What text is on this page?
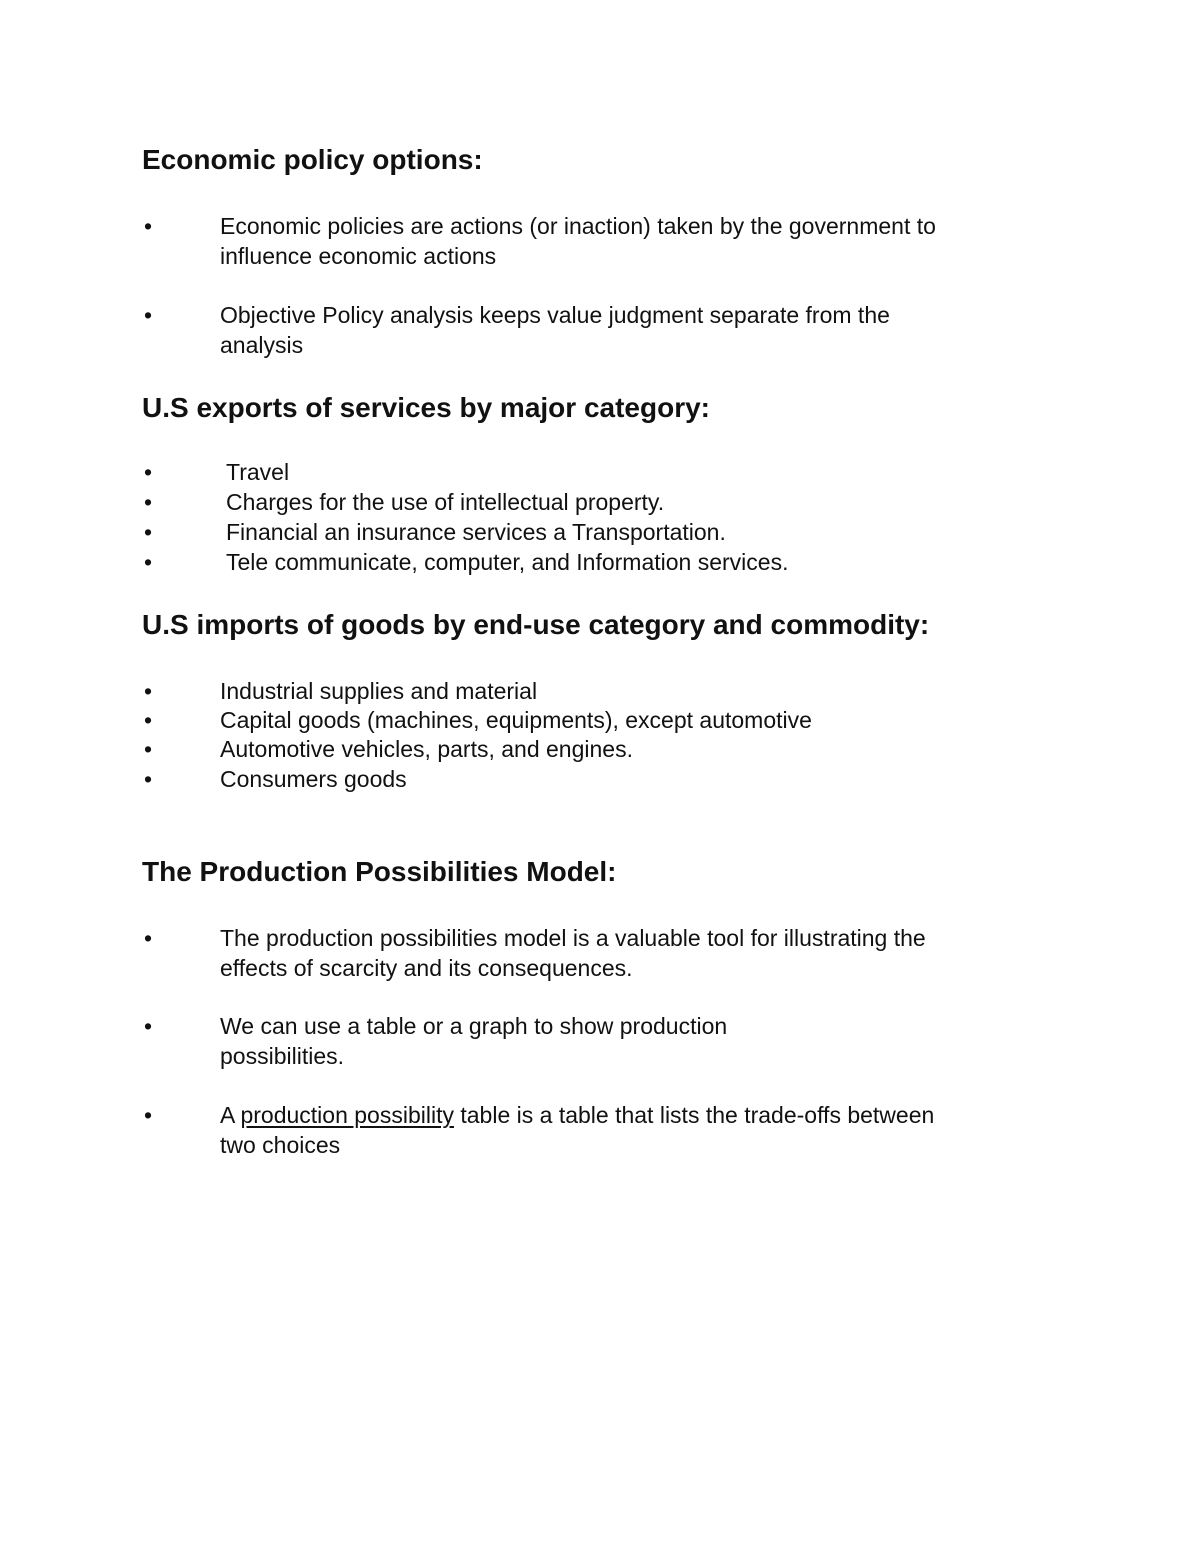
Economic policy options:
•	Economic policies are actions (or inaction) taken by the government to
influence economic actions
•	Objective Policy analysis keeps value judgment separate from the
analysis
U.S exports of services by major category:
•	Travel
•	Charges for the use of intellectual property.
•	Financial an insurance services a Transportation.
•	Tele communicate, computer, and Information services.
U.S imports of goods by end-use category and commodity:
•	Industrial supplies and material
•	Capital goods (machines, equipments), except automotive
•	Automotive vehicles, parts, and engines.
•	Consumers goods
The Production Possibilities Model:
•	The production possibilities model is a valuable tool for illustrating the
effects of scarcity and its consequences.
•	We can use a table or a graph to show production
possibilities.
•	A production possibility table is a table that lists the trade-offs between
two choices
